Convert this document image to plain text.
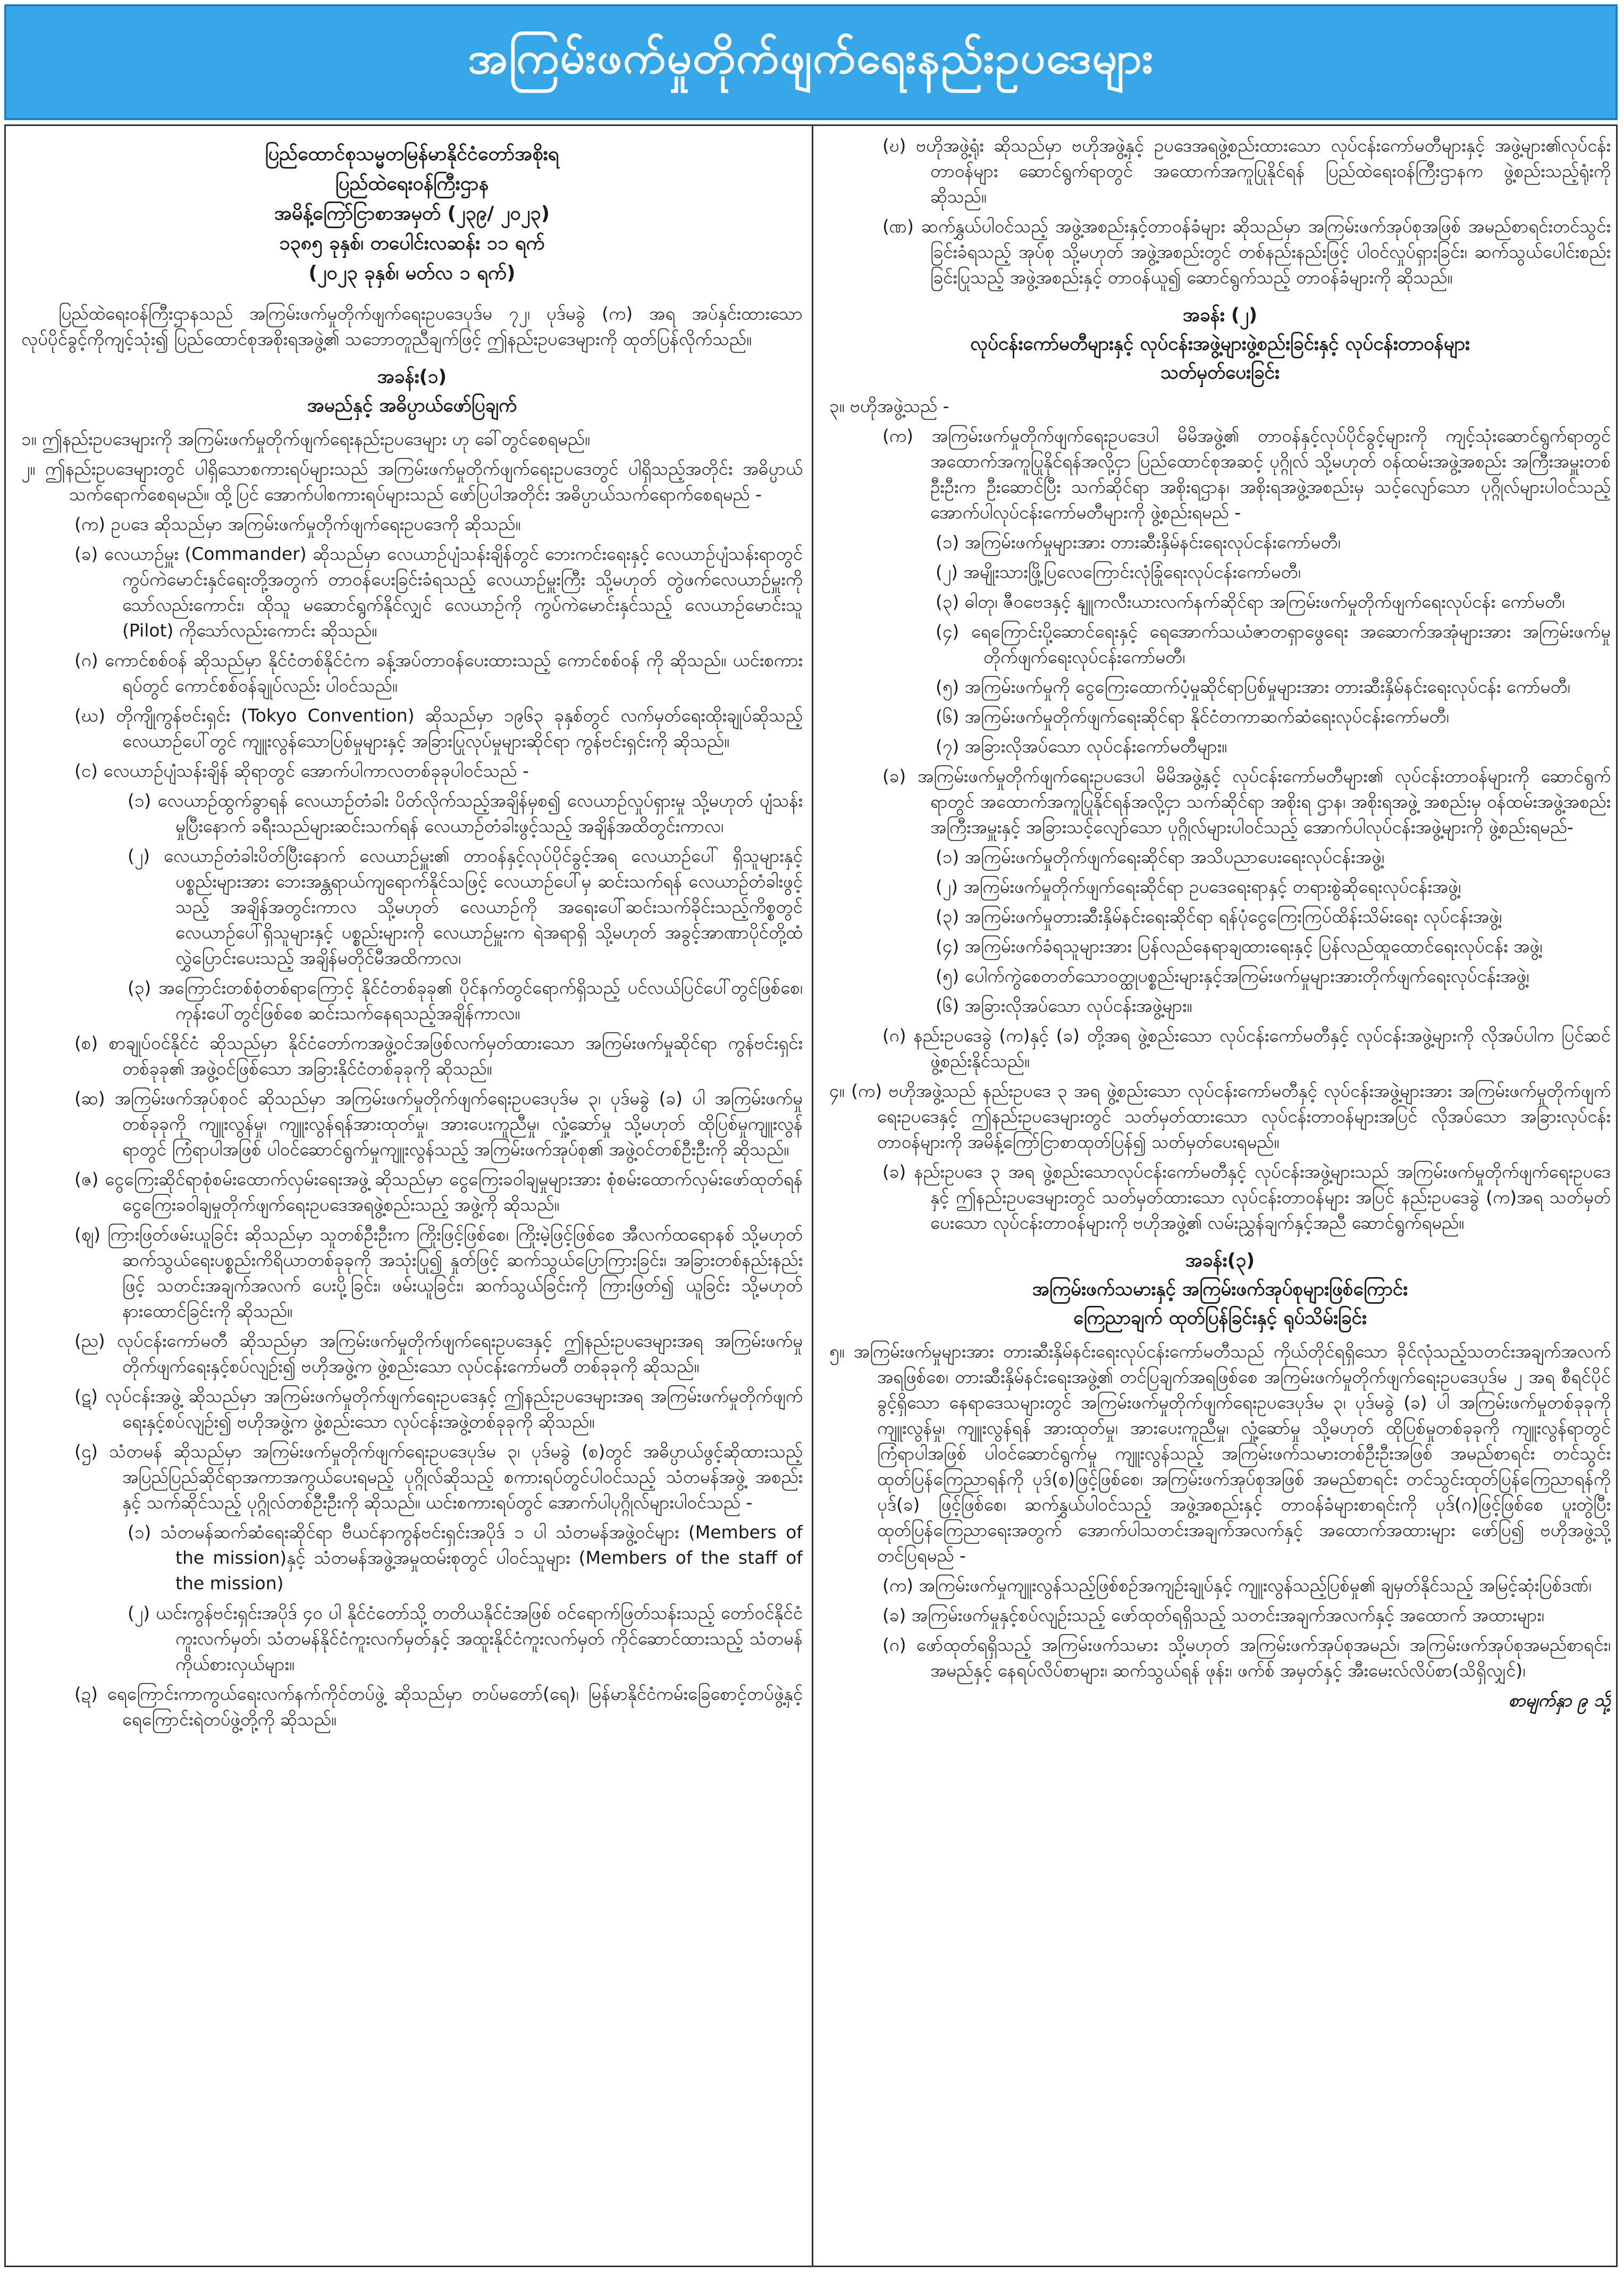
အကြမ်းဖက်မှုတိုက်ဖျက်ရေးနည်းဥပဒေများ

ပြည်ထောင်စုသမ္မတမြန်မာနိုင်ငံတော်အစိုးရ

ပြည်ထဲရေးဝန်ကြီးဌာန

အမိန့်ကြော်ငြာစာအမှတ် (၂၃၉/ ၂၀၂၃)

၁၃၈၅ ခုနှစ်၊ တပေါင်းလဆန်း ၁၁ ရက်

(၂၀၂၃ ခုနှစ်၊ မတ်လ ၁ ရက်)

ပြည်ထဲရေးဝန်ကြီးဌာနသည် အကြမ်းဖက်မှုတိုက်ဖျက်ရေးဥပဒေပုဒ်မ ၇၂၊ ပုဒ်မခွဲ (က) အရ အပ်နှင်းထားသော လုပ်ပိုင်ခွင့်ကိုကျင့်သုံး၍ ပြည်ထောင်စုအစိုးရအဖွဲ့၏ သဘောတူညီချက်ဖြင့် ဤနည်းဥပဒေများကို ထုတ်ပြန်လိုက်သည်။

အခန်း(၁)

အမည်နှင့် အဓိပ္ပာယ်ဖော်ပြချက်

၁။ ဤနည်းဥပဒေများကို အကြမ်းဖက်မှုတိုက်ဖျက်ရေးနည်းဥပဒေများ ဟု ခေါ်တွင်စေရမည်။

၂။ ဤနည်းဥပဒေများတွင် ပါရှိသောစကားရပ်များသည် အကြမ်းဖက်မှုတိုက်ဖျက်ရေးဥပဒေတွင် ပါရှိသည့်အတိုင်း အဓိပ္ပာယ်သက်ရောက်စေရမည်။ ထို့ပြင် အောက်ပါစကားရပ်များသည် ဖော်ပြပါအတိုင်း အဓိပ္ပာယ်သက်ရောက်စေရမည် -

(က) ဥပဒေ ဆိုသည်မှာ အကြမ်းဖက်မှုတိုက်ဖျက်ရေးဥပဒေကို ဆိုသည်။

(ခ) လေယာဉ်မှူး (Commander) ဆိုသည်မှာ လေယာဉ်ပျံသန်းချိန်တွင် ဘေးကင်းရေးနှင့် လေယာဉ်ပျံသန်းရာတွင် ကွပ်ကဲမောင်းနှင်ရေးတို့အတွက် တာဝန်ပေးခြင်းခံရသည့် လေယာဉ်မှူးကြီး သို့မဟုတ် တွဲဖက်လေယာဉ်မှူးကိုသော်လည်းကောင်း၊ ထိုသူ မဆောင်ရွက်နိုင်လျှင် လေယာဉ်ကို ကွပ်ကဲမောင်းနှင်သည့် လေယာဉ်မောင်းသူ (Pilot) ကိုသော်လည်းကောင်း ဆိုသည်။

(ဂ) ကောင်စစ်ဝန် ဆိုသည်မှာ နိုင်ငံတစ်နိုင်ငံက ခန့်အပ်တာဝန်ပေးထားသည့် ကောင်စစ်ဝန် ကို ဆိုသည်။ ယင်းစကားရပ်တွင် ကောင်စစ်ဝန်ချုပ်လည်း ပါဝင်သည်။

(ဃ) တိုကျိုကွန်ဗင်းရှင်း (Tokyo Convention) ဆိုသည်မှာ ၁၉၆၃ ခုနှစ်တွင် လက်မှတ်ရေးထိုးချုပ်ဆိုသည့် လေယာဉ်ပေါ်တွင် ကျူးလွန်သောပြစ်မှုများနှင့် အခြားပြုလုပ်မှုများဆိုင်ရာ ကွန်ဗင်းရှင်းကို ဆိုသည်။

(င) လေယာဉ်ပျံသန်းချိန် ဆိုရာတွင် အောက်ပါကာလတစ်ခုခုပါဝင်သည် -

(၁) လေယာဉ်ထွက်ခွာရန် လေယာဉ်တံခါး ပိတ်လိုက်သည့်အချိန်မှစ၍ လေယာဉ်လှုပ်ရှားမှု သို့မဟုတ် ပျံသန်းမှုပြီးနောက် ခရီးသည်များဆင်းသက်ရန် လေယာဉ်တံခါးဖွင့်သည့် အချိန်အထိတွင်းကာလ၊

(၂) လေယာဉ်တံခါးပိတ်ပြီးနောက် လေယာဉ်မှူး၏ တာဝန်နှင့်လုပ်ပိုင်ခွင့်အရ လေယာဉ်ပေါ် ရှိသူများနှင့် ပစ္စည်းများအား ဘေးအန္တရာယ်ကျရောက်နိုင်သဖြင့် လေယာဉ်ပေါ်မှ ဆင်းသက်ရန် လေယာဉ်တံခါးဖွင့်သည့် အချိန်အတွင်းကာလ သို့မဟုတ် လေယာဉ်ကို အရေးပေါ်ဆင်းသက်ခိုင်းသည့်ကိစ္စတွင် လေယာဉ်ပေါ်ရှိသူများနှင့် ပစ္စည်းများကို လေယာဉ်မှူးက ရဲအရာရှိ သို့မဟုတ် အခွင့်အာဏာပိုင်တို့ထံ လွှဲပြောင်းပေးသည့် အချိန်မတိုင်မီအထိကာလ၊

(၃) အကြောင်းတစ်စုံတစ်ရာကြောင့် နိုင်ငံတစ်ခုခု၏ ပိုင်နက်တွင်ရောက်ရှိသည့် ပင်လယ်ပြင်ပေါ်တွင်ဖြစ်စေ၊ ကုန်းပေါ်တွင်ဖြစ်စေ ဆင်းသက်နေရသည့်အချိန်ကာလ။

(စ) စာချုပ်ဝင်နိုင်ငံ ဆိုသည်မှာ နိုင်ငံတော်ကအဖွဲ့ဝင်အဖြစ်လက်မှတ်ထားသော အကြမ်းဖက်မှုဆိုင်ရာ ကွန်ဗင်းရှင်းတစ်ခုခု၏ အဖွဲ့ဝင်ဖြစ်သော အခြားနိုင်ငံတစ်ခုခုကို ဆိုသည်။

(ဆ) အကြမ်းဖက်အုပ်စုဝင် ဆိုသည်မှာ အကြမ်းဖက်မှုတိုက်ဖျက်ရေးဥပဒေပုဒ်မ ၃၊ ပုဒ်မခွဲ (ခ) ပါ အကြမ်းဖက်မှုတစ်ခုခုကို ကျူးလွန်မှု၊ ကျူးလွန်ရန်အားထုတ်မှု၊ အားပေးကူညီမှု၊ လှုံ့ဆော်မှု သို့မဟုတ် ထိုပြစ်မှုကျူးလွန်ရာတွင် ကြံရာပါအဖြစ် ပါဝင်ဆောင်ရွက်မှုကျူးလွန်သည့် အကြမ်းဖက်အုပ်စု၏ အဖွဲ့ဝင်တစ်ဦးဦးကို ဆိုသည်။

(ဇ) ငွေကြေးဆိုင်ရာစုံစမ်းထောက်လှမ်းရေးအဖွဲ့ ဆိုသည်မှာ ငွေကြေးခဝါချမှုများအား စုံစမ်းထောက်လှမ်းဖော်ထုတ်ရန် ငွေကြေးခဝါချမှုတိုက်ဖျက်ရေးဥပဒေအရဖွဲ့စည်းသည့် အဖွဲ့ကို ဆိုသည်။

(ဈ) ကြားဖြတ်ဖမ်းယူခြင်း ဆိုသည်မှာ သူတစ်ဦးဦးက ကြိုးဖြင့်ဖြစ်စေ၊ ကြိုးမဲ့ဖြင့်ဖြစ်စေ အီလက်ထရောနစ် သို့မဟုတ် ဆက်သွယ်ရေးပစ္စည်းကိရိယာတစ်ခုခုကို အသုံးပြု၍ နှုတ်ဖြင့် ဆက်သွယ်ပြောကြားခြင်း၊ အခြားတစ်နည်းနည်းဖြင့် သတင်းအချက်အလက် ပေးပို့ခြင်း၊ ဖမ်းယူခြင်း၊ ဆက်သွယ်ခြင်းကို ကြားဖြတ်၍ ယူခြင်း သို့မဟုတ် နားထောင်ခြင်းကို ဆိုသည်။

(ည) လုပ်ငန်းကော်မတီ ဆိုသည်မှာ အကြမ်းဖက်မှုတိုက်ဖျက်ရေးဥပဒေနှင့် ဤနည်းဥပဒေများအရ အကြမ်းဖက်မှုတိုက်ဖျက်ရေးနှင့်စပ်လျဉ်း၍ ဗဟိုအဖွဲ့က ဖွဲ့စည်းသော လုပ်ငန်းကော်မတီ တစ်ခုခုကို ဆိုသည်။

(ဋ) လုပ်ငန်းအဖွဲ့ ဆိုသည်မှာ အကြမ်းဖက်မှုတိုက်ဖျက်ရေးဥပဒေနှင့် ဤနည်းဥပဒေများအရ အကြမ်းဖက်မှုတိုက်ဖျက်ရေးနှင့်စပ်လျဉ်း၍ ဗဟိုအဖွဲ့က ဖွဲ့စည်းသော လုပ်ငန်းအဖွဲ့တစ်ခုခုကို ဆိုသည်။

(ဌ) သံတမန် ဆိုသည်မှာ အကြမ်းဖက်မှုတိုက်ဖျက်ရေးဥပဒေပုဒ်မ ၃၊ ပုဒ်မခွဲ (စ)တွင် အဓိပ္ပာယ်ဖွင့်ဆိုထားသည့် အပြည်ပြည်ဆိုင်ရာအကာအကွယ်ပေးရမည့် ပုဂ္ဂိုလ်ဆိုသည့် စကားရပ်တွင်ပါဝင်သည့် သံတမန်အဖွဲ့ အစည်းနှင့် သက်ဆိုင်သည့် ပုဂ္ဂိုလ်တစ်ဦးဦးကို ဆိုသည်။ ယင်းစကားရပ်တွင် အောက်ပါပုဂ္ဂိုလ်များပါဝင်သည် -

(၁) သံတမန်ဆက်ဆံရေးဆိုင်ရာ ဗီယင်နာကွန်ဗင်းရှင်းအပိုဒ် ၁ ပါ သံတမန်အဖွဲ့ဝင်များ (Members of the mission)နှင့် သံတမန်အဖွဲ့အမှုထမ်းစုတွင် ပါဝင်သူများ (Members of the staff of the mission)

(၂) ယင်းကွန်ဗင်းရှင်းအပိုဒ် ၄၀ ပါ နိုင်ငံတော်သို့ တတိယနိုင်ငံအဖြစ် ဝင်ရောက်ဖြတ်သန်းသည့် တော်ဝင်နိုင်ငံကူးလက်မှတ်၊ သံတမန်နိုင်ငံကူးလက်မှတ်နှင့် အထူးနိုင်ငံကူးလက်မှတ် ကိုင်ဆောင်ထားသည့် သံတမန်ကိုယ်စားလှယ်များ။

(ဍ) ရေကြောင်းကာကွယ်ရေးလက်နက်ကိုင်တပ်ဖွဲ့ ဆိုသည်မှာ တပ်မတော်(ရေ)၊ မြန်မာနိုင်ငံကမ်းခြေစောင့်တပ်ဖွဲ့နှင့် ရေကြောင်းရဲတပ်ဖွဲ့တို့ကို ဆိုသည်။

(ဎ) ဗဟိုအဖွဲ့ရုံး ဆိုသည်မှာ ဗဟိုအဖွဲ့နှင့် ဥပဒေအရဖွဲ့စည်းထားသော လုပ်ငန်းကော်မတီများနှင့် အဖွဲ့များ၏လုပ်ငန်းတာဝန်များ ဆောင်ရွက်ရာတွင် အထောက်အကူပြုနိုင်ရန် ပြည်ထဲရေးဝန်ကြီးဌာနက ဖွဲ့စည်းသည့်ရုံးကို ဆိုသည်။

(ဏ) ဆက်နွှယ်ပါဝင်သည့် အဖွဲ့အစည်းနှင့်တာဝန်ခံများ ဆိုသည်မှာ အကြမ်းဖက်အုပ်စုအဖြစ် အမည်စာရင်းတင်သွင်းခြင်းခံရသည့် အုပ်စု သို့မဟုတ် အဖွဲ့အစည်းတွင် တစ်နည်းနည်းဖြင့် ပါဝင်လှုပ်ရှားခြင်း၊ ဆက်သွယ်ပေါင်းစည်းခြင်းပြုသည့် အဖွဲ့အစည်းနှင့် တာဝန်ယူ၍ ဆောင်ရွက်သည့် တာဝန်ခံများကို ဆိုသည်။

အခန်း (၂)

လုပ်ငန်းကော်မတီများနှင့် လုပ်ငန်းအဖွဲ့များဖွဲ့စည်းခြင်းနှင့် လုပ်ငန်းတာဝန်များ

သတ်မှတ်ပေးခြင်း

၃။ ဗဟိုအဖွဲ့သည် -

(က) အကြမ်းဖက်မှုတိုက်ဖျက်ရေးဥပဒေပါ မိမိအဖွဲ့၏ တာဝန်နှင့်လုပ်ပိုင်ခွင့်များကို ကျင့်သုံးဆောင်ရွက်ရာတွင် အထောက်အကူပြုနိုင်ရန်အလို့ငှာ ပြည်ထောင်စုအဆင့် ပုဂ္ဂိုလ် သို့မဟုတ် ဝန်ထမ်းအဖွဲ့အစည်း အကြီးအမှူးတစ်ဦးဦးက ဦးဆောင်ပြီး သက်ဆိုင်ရာ အစိုးရဌာန၊ အစိုးရအဖွဲ့အစည်းမှ သင့်လျော်သော ပုဂ္ဂိုလ်များပါဝင်သည့် အောက်ပါလုပ်ငန်းကော်မတီများကို ဖွဲ့စည်းရမည် -

(၁) အကြမ်းဖက်မှုများအား တားဆီးနှိမ်နင်းရေးလုပ်ငန်းကော်မတီ၊

(၂) အမျိုးသားဖြို့ပြလေကြောင်းလုံခြုံရေးလုပ်ငန်းကော်မတီ၊

(၃) ဓါတု၊ ဇီဝဗေဒနှင့် နျူကလီးယားလက်နက်ဆိုင်ရာ အကြမ်းဖက်မှုတိုက်ဖျက်ရေးလုပ်ငန်း ကော်မတီ၊

(၄) ရေကြောင်းပို့ဆောင်ရေးနှင့် ရေအောက်သယံဇာတရှာဖွေရေး အဆောက်အအုံများအား အကြမ်းဖက်မှုတိုက်ဖျက်ရေးလုပ်ငန်းကော်မတီ၊

(၅) အကြမ်းဖက်မှုကို ငွေကြေးထောက်ပံ့မှုဆိုင်ရာပြစ်မှုများအား တားဆီးနှိမ်နင်းရေးလုပ်ငန်း ကော်မတီ၊

(၆) အကြမ်းဖက်မှုတိုက်ဖျက်ရေးဆိုင်ရာ နိုင်ငံတကာဆက်ဆံရေးလုပ်ငန်းကော်မတီ၊

(၇) အခြားလိုအပ်သော လုပ်ငန်းကော်မတီများ။

(ခ) အကြမ်းဖက်မှုတိုက်ဖျက်ရေးဥပဒေပါ မိမိအဖွဲ့နှင့် လုပ်ငန်းကော်မတီများ၏ လုပ်ငန်းတာဝန်များကို ဆောင်ရွက်ရာတွင် အထောက်အကူပြုနိုင်ရန်အလို့ငှာ သက်ဆိုင်ရာ အစိုးရ ဌာန၊ အစိုးရအဖွဲ့ အစည်းမှ ဝန်ထမ်းအဖွဲ့အစည်း အကြီးအမှူးနှင့် အခြားသင့်လျော်သော ပုဂ္ဂိုလ်များပါဝင်သည့် အောက်ပါလုပ်ငန်းအဖွဲ့များကို ဖွဲ့စည်းရမည်-

(၁) အကြမ်းဖက်မှုတိုက်ဖျက်ရေးဆိုင်ရာ အသိပညာပေးရေးလုပ်ငန်းအဖွဲ့၊

(၂) အကြမ်းဖက်မှုတိုက်ဖျက်ရေးဆိုင်ရာ ဥပဒေရေးရာနှင့် တရားစွဲဆိုရေးလုပ်ငန်းအဖွဲ့၊

(၃) အကြမ်းဖက်မှုတားဆီးနှိမ်နင်းရေးဆိုင်ရာ ရန်ပုံငွေကြေးကြပ်ထိန်းသိမ်းရေး လုပ်ငန်းအဖွဲ့၊

(၄) အကြမ်းဖက်ခံရသူများအား ပြန်လည်နေရာချထားရေးနှင့် ပြန်လည်ထူထောင်ရေးလုပ်ငန်း အဖွဲ့၊

(၅) ပေါက်ကွဲစေတတ်သောဝတ္ထုပစ္စည်းများနှင့်အကြမ်းဖက်မှုများအားတိုက်ဖျက်ရေးလုပ်ငန်းအဖွဲ့၊

(၆) အခြားလိုအပ်သော လုပ်ငန်းအဖွဲ့များ။

(ဂ) နည်းဥပဒေခွဲ (က)နှင့် (ခ) တို့အရ ဖွဲ့စည်းသော လုပ်ငန်းကော်မတီနှင့် လုပ်ငန်းအဖွဲ့များကို လိုအပ်ပါက ပြင်ဆင်ဖွဲ့စည်းနိုင်သည်။

၄။ (က) ဗဟိုအဖွဲ့သည် နည်းဥပဒေ ၃ အရ ဖွဲ့စည်းသော လုပ်ငန်းကော်မတီနှင့် လုပ်ငန်းအဖွဲ့များအား အကြမ်းဖက်မှုတိုက်ဖျက်ရေးဥပဒေနှင့် ဤနည်းဥပဒေများတွင် သတ်မှတ်ထားသော လုပ်ငန်းတာဝန်များအပြင် လိုအပ်သော အခြားလုပ်ငန်းတာဝန်များကို အမိန့်ကြော်ငြာစာထုတ်ပြန်၍ သတ်မှတ်ပေးရမည်။

(ခ) နည်းဥပဒေ ၃ အရ ဖွဲ့စည်းသောလုပ်ငန်းကော်မတီနှင့် လုပ်ငန်းအဖွဲ့များသည် အကြမ်းဖက်မှုတိုက်ဖျက်ရေးဥပဒေနှင့် ဤနည်းဥပဒေများတွင် သတ်မှတ်ထားသော လုပ်ငန်းတာဝန်များ အပြင် နည်းဥပဒေခွဲ (က)အရ သတ်မှတ်ပေးသော လုပ်ငန်းတာဝန်များကို ဗဟိုအဖွဲ့၏ လမ်းညွှန်ချက်နှင့်အညီ ဆောင်ရွက်ရမည်။

အခန်း(၃)

အကြမ်းဖက်သမားနှင့် အကြမ်းဖက်အုပ်စုများဖြစ်ကြောင်း

ကြေညာချက် ထုတ်ပြန်ခြင်းနှင့် ရုပ်သိမ်းခြင်း

၅။ အကြမ်းဖက်မှုများအား တားဆီးနှိမ်နင်းရေးလုပ်ငန်းကော်မတီသည် ကိုယ်တိုင်ရရှိသော ခိုင်လုံသည့်သတင်းအချက်အလက်အရဖြစ်စေ၊ တားဆီးနှိမ်နင်းရေးအဖွဲ့၏ တင်ပြချက်အရဖြစ်စေ အကြမ်းဖက်မှုတိုက်ဖျက်ရေးဥပဒေပုဒ်မ ၂ အရ စီရင်ပိုင်ခွင့်ရှိသော နေရာဒေသများတွင် အကြမ်းဖက်မှုတိုက်ဖျက်ရေးဥပဒေပုဒ်မ ၃၊ ပုဒ်မခွဲ (ခ) ပါ အကြမ်းဖက်မှုတစ်ခုခုကို ကျူးလွန်မှု၊ ကျူးလွန်ရန် အားထုတ်မှု၊ အားပေးကူညီမှု၊ လှုံ့ဆော်မှု သို့မဟုတ် ထိုပြစ်မှုတစ်ခုခုကို ကျူးလွန်ရာတွင် ကြံရာပါအဖြစ် ပါဝင်ဆောင်ရွက်မှု ကျူးလွန်သည့် အကြမ်းဖက်သမားတစ်ဦးဦးအဖြစ် အမည်စာရင်း တင်သွင်းထုတ်ပြန်ကြေညာရန်ကို ပုဒ်(စ)ဖြင့်ဖြစ်စေ၊ အကြမ်းဖက်အုပ်စုအဖြစ် အမည်စာရင်း တင်သွင်းထုတ်ပြန်ကြေညာရန်ကို ပုဒ်(ခ) ဖြင့်ဖြစ်စေ၊ ဆက်နွှယ်ပါဝင်သည့် အဖွဲ့အစည်းနှင့် တာဝန်ခံများစာရင်းကို ပုဒ်(ဂ)ဖြင့်ဖြစ်စေ ပူးတွဲပြီး ထုတ်ပြန်ကြေညာရေးအတွက် အောက်ပါသတင်းအချက်အလက်နှင့် အထောက်အထားများ ဖော်ပြ၍ ဗဟိုအဖွဲ့သို့ တင်ပြရမည် -

(က) အကြမ်းဖက်မှုကျူးလွန်သည့်ဖြစ်စဉ်အကျဉ်းချုပ်နှင့် ကျူးလွန်သည့်ပြစ်မှု၏ ချမှတ်နိုင်သည့် အမြင့်ဆုံးပြစ်ဒဏ်၊

(ခ) အကြမ်းဖက်မှုနှင့်စပ်လျဉ်းသည့် ဖော်ထုတ်ရရှိသည့် သတင်းအချက်အလက်နှင့် အထောက် အထားများ၊

(ဂ) ဖော်ထုတ်ရရှိသည့် အကြမ်းဖက်သမား သို့မဟုတ် အကြမ်းဖက်အုပ်စုအမည်၊ အကြမ်းဖက်အုပ်စုအမည်စာရင်း၊ အမည်နှင့် နေရပ်လိပ်စာများ၊ ဆက်သွယ်ရန် ဖုန်း၊ ဖက်စ် အမှတ်နှင့် အီးမေးလ်လိပ်စာ(သိရှိလျှင်)၊

စာမျက်နှာ ၉ သို့
